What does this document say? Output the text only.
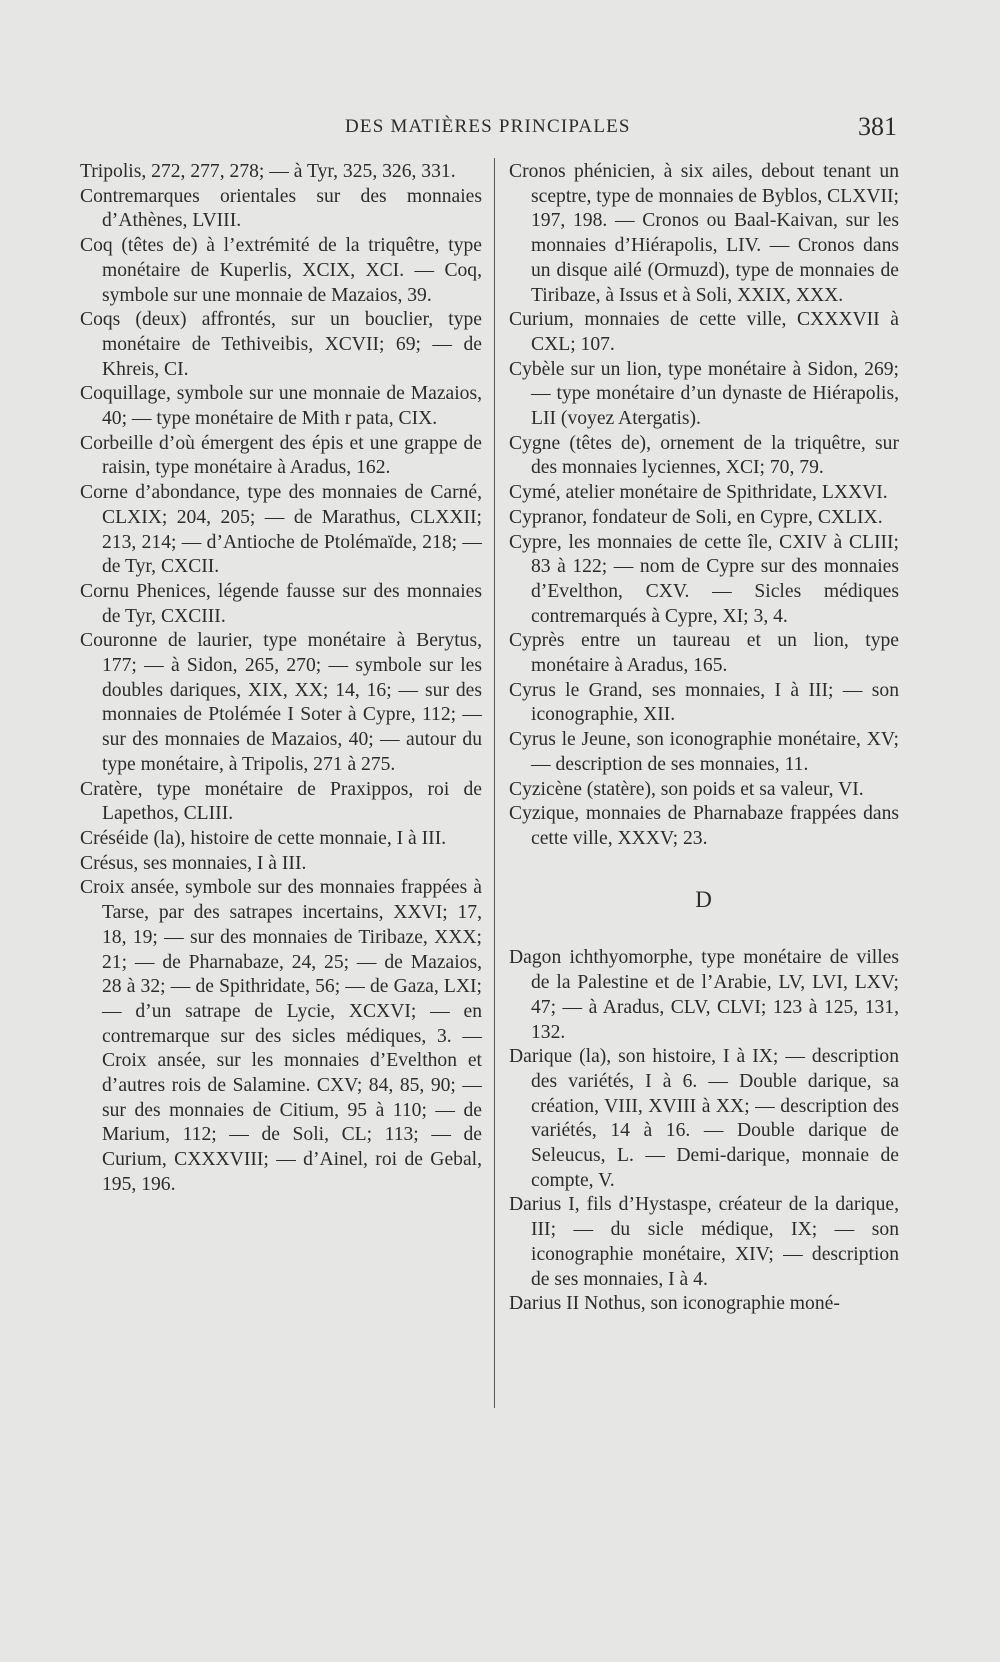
DES MATIÈRES PRINCIPALES	381

Tripolis, 272, 277, 278; — à Tyr, 325, 326, 331.

Contremarques orientales sur des monnaies d’Athènes, LVIII.

Coq (têtes de) à l’extrémité de la triquêtre, type monétaire de Kuperlis, XCIX, XCI. — Coq, symbole sur une monnaie de Mazaios, 39.

Coqs (deux) affrontés, sur un bouclier, type monétaire de Tethiveibis, XCVII; 69; — de Khreis, CI.

Coquillage, symbole sur une monnaie de Mazaios, 40; — type monétaire de Mith r pata, CIX.

Corbeille d’où émergent des épis et une grappe de raisin, type monétaire à Aradus, 162.

Corne d’abondance, type des monnaies de Carné, CLXIX; 204, 205; — de Marathus, CLXXII; 213, 214; — d’Antioche de Ptolémaïde, 218; — de Tyr, CXCII.

Cornu Phenices, légende fausse sur des monnaies de Tyr, CXCIII.

Couronne de laurier, type monétaire à Berytus, 177; — à Sidon, 265, 270; — symbole sur les doubles dariques, XIX, XX; 14, 16; — sur des monnaies de Ptolémée I Soter à Cypre, 112; — sur des monnaies de Mazaios, 40; — autour du type monétaire, à Tripolis, 271 à 275.

Cratère, type monétaire de Praxippos, roi de Lapethos, CLIII.

Créséide (la), histoire de cette monnaie, I à III.

Crésus, ses monnaies, I à III.

Croix ansée, symbole sur des monnaies frappées à Tarse, par des satrapes incertains, XXVI; 17, 18, 19; — sur des monnaies de Tiribaze, XXX; 21; — de Pharnabaze, 24, 25; — de Mazaios, 28 à 32; — de Spithridate, 56; — de Gaza, LXI; — d’un satrape de Lycie, XCXVI; — en contremarque sur des sicles médiques, 3. — Croix ansée, sur les monnaies d’Evelthon et d’autres rois de Salamine. CXV; 84, 85, 90; — sur des monnaies de Citium, 95 à 110; — de Marium, 112; — de Soli, CL; 113; — de Curium, CXXXVIII; — d’Ainel, roi de Gebal, 195, 196.

Cronos phénicien, à six ailes, debout tenant un sceptre, type de monnaies de Byblos, CLXVII; 197, 198. — Cronos ou Baal-Kaivan, sur les monnaies d’Hiérapolis, LIV. — Cronos dans un disque ailé (Ormuzd), type de monnaies de Tiribaze, à Issus et à Soli, XXIX, XXX.

Curium, monnaies de cette ville, CXXXVII à CXL; 107.

Cybèle sur un lion, type monétaire à Sidon, 269; — type monétaire d’un dynaste de Hiérapolis, LII (voyez Atergatis).

Cygne (têtes de), ornement de la triquêtre, sur des monnaies lyciennes, XCI; 70, 79.

Cymé, atelier monétaire de Spithridate, LXXVI.

Cypranor, fondateur de Soli, en Cypre, CXLIX.

Cypre, les monnaies de cette île, CXIV à CLIII; 83 à 122; — nom de Cypre sur des monnaies d’Evelthon, CXV. — Sicles médiques contremarqués à Cypre, XI; 3, 4.

Cyprès entre un taureau et un lion, type monétaire à Aradus, 165.

Cyrus le Grand, ses monnaies, I à III; — son iconographie, XII.

Cyrus le Jeune, son iconographie monétaire, XV; — description de ses monnaies, 11.

Cyzicène (statère), son poids et sa valeur, VI.

Cyzique, monnaies de Pharnabaze frappées dans cette ville, XXXV; 23.

D

Dagon ichthyomorphe, type monétaire de villes de la Palestine et de l’Arabie, LV, LVI, LXV; 47; — à Aradus, CLV, CLVI; 123 à 125, 131, 132.

Darique (la), son histoire, I à IX; — description des variétés, I à 6. — Double darique, sa création, VIII, XVIII à XX; — description des variétés, 14 à 16. — Double darique de Seleucus, L. — Demi-darique, monnaie de compte, V.

Darius I, fils d’Hystaspe, créateur de la darique, III; — du sicle médique, IX; — son iconographie monétaire, XIV; — description de ses monnaies, I à 4.

Darius II Nothus, son iconographie moné-
